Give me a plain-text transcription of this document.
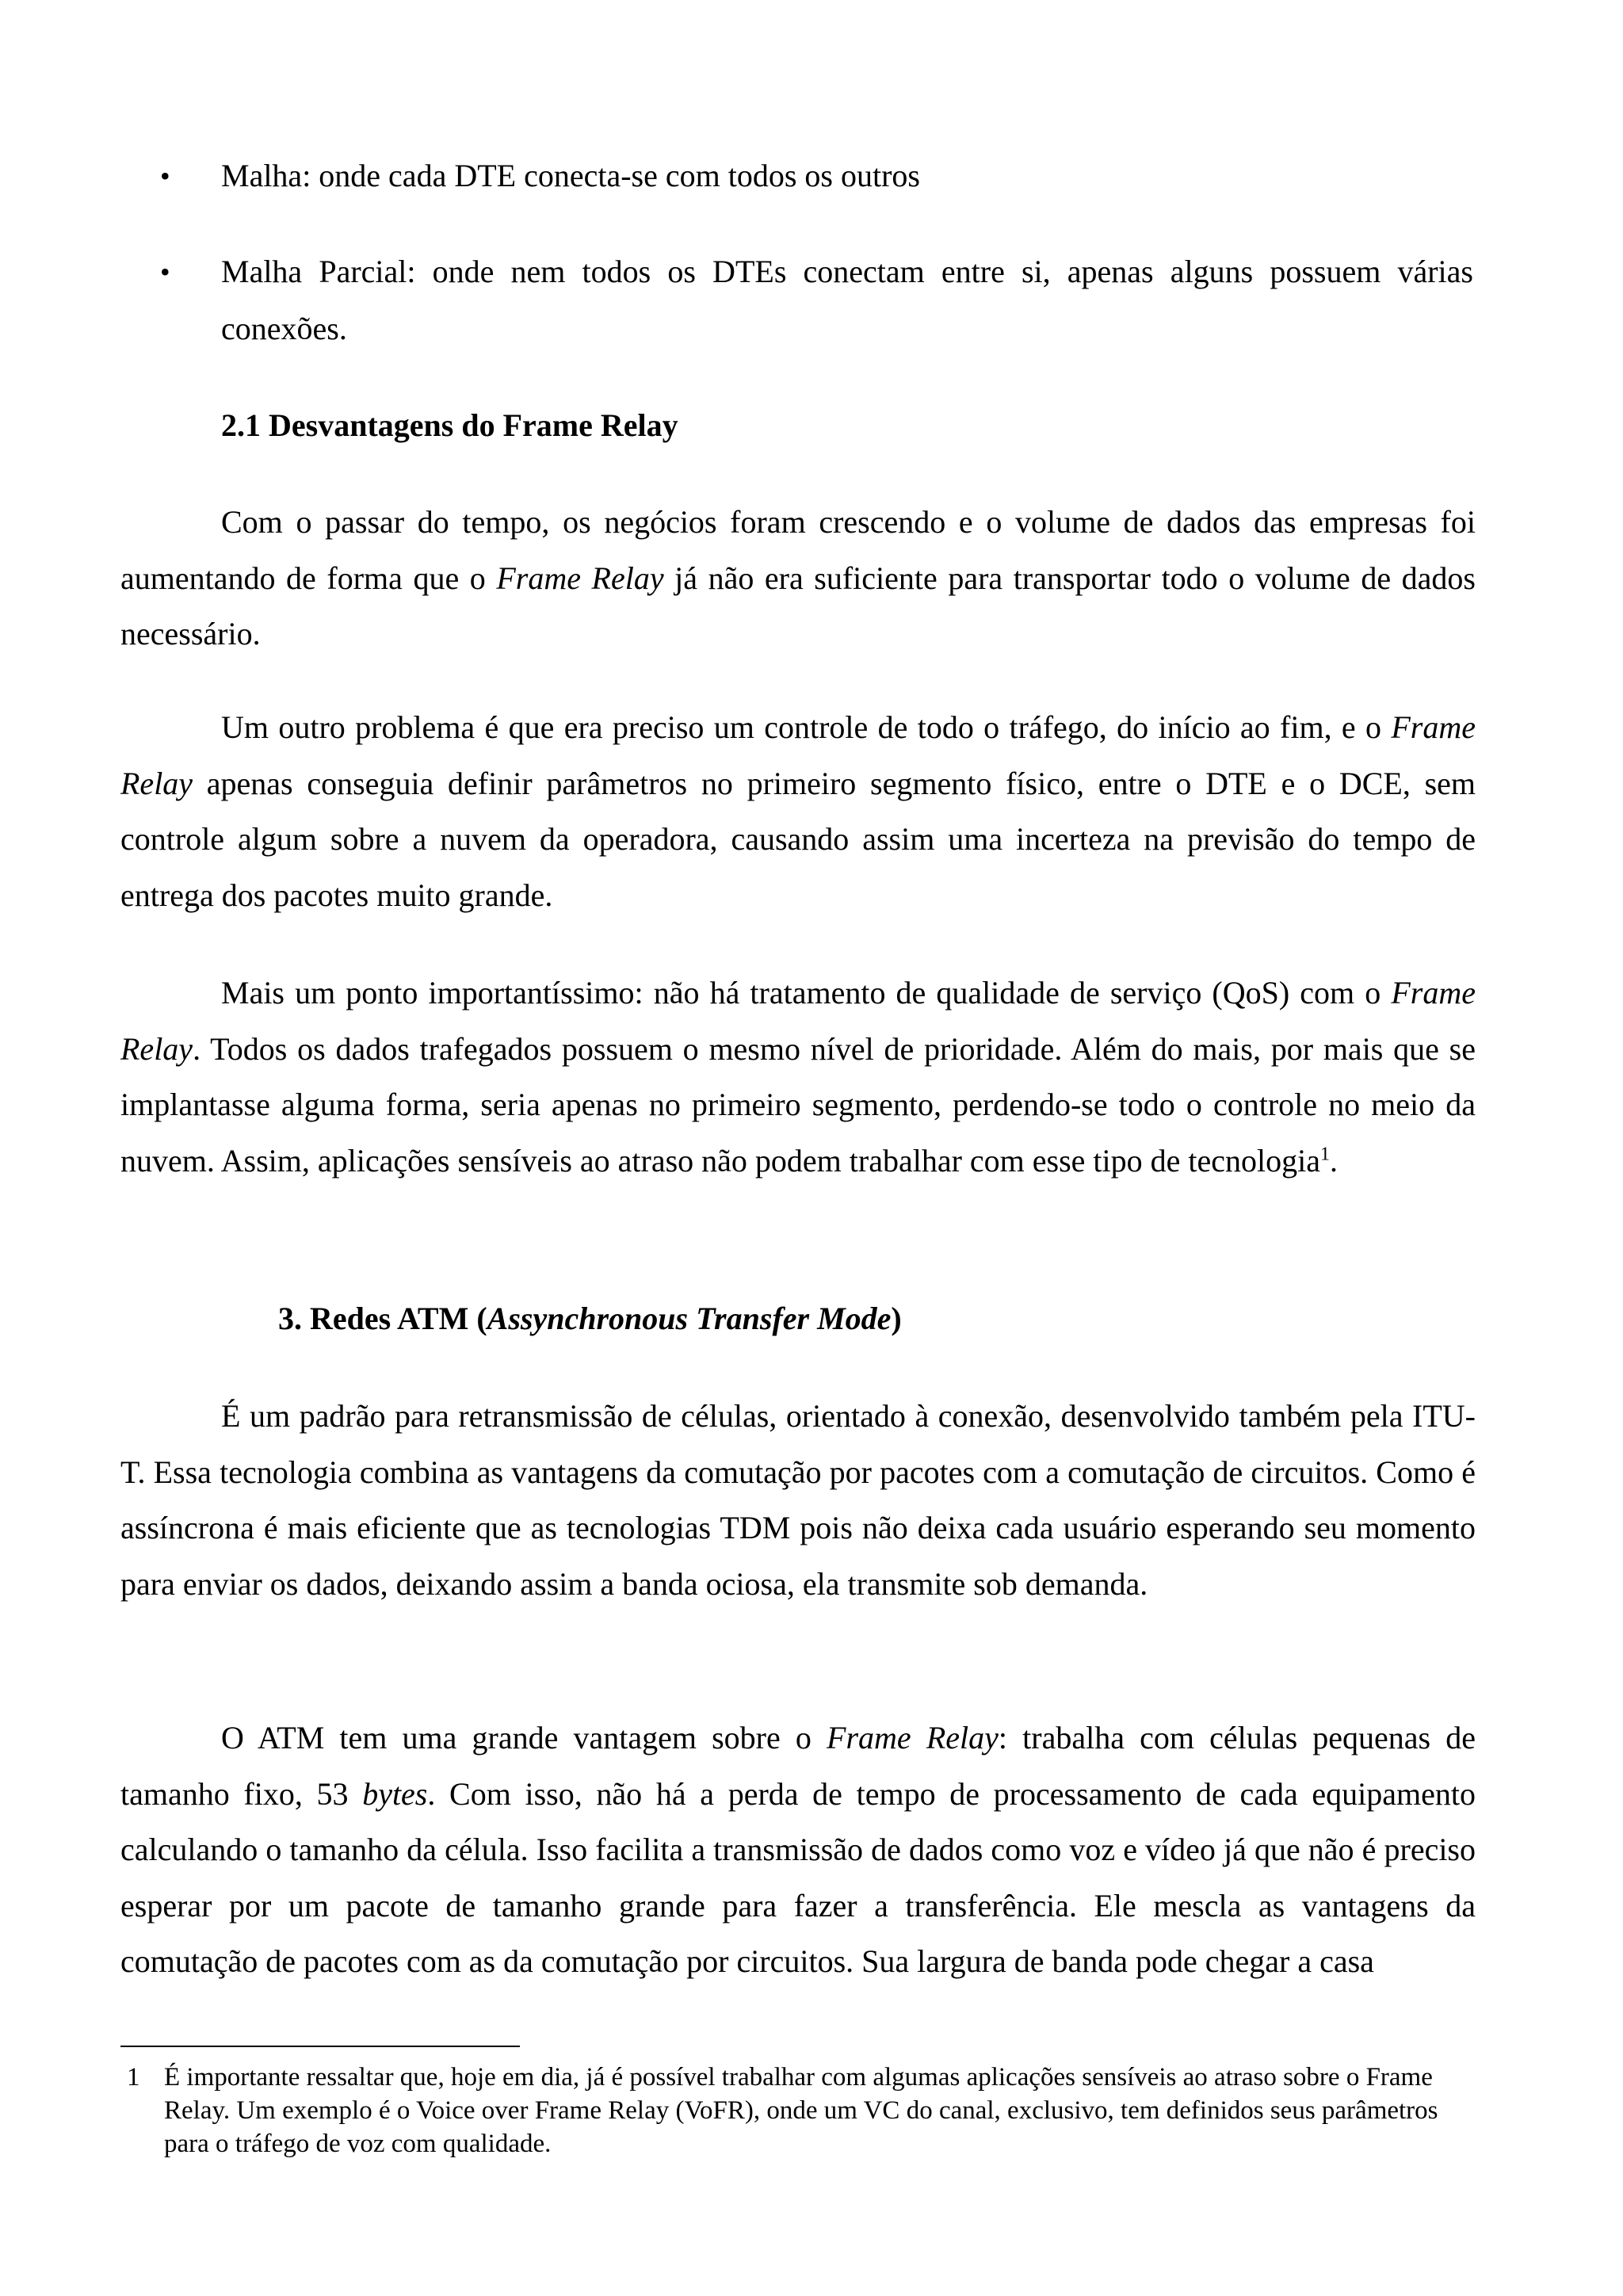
• Malha: onde cada DTE conecta-se com todos os outros
• Malha Parcial: onde nem todos os DTEs conectam entre si, apenas alguns possuem várias conexões.
2.1 Desvantagens do Frame Relay

Com o passar do tempo, os negócios foram crescendo e o volume de dados das empresas foi aumentando de forma que o Frame Relay já não era suficiente para transportar todo o volume de dados necessário.

Um outro problema é que era preciso um controle de todo o tráfego, do início ao fim, e o Frame Relay apenas conseguia definir parâmetros no primeiro segmento físico, entre o DTE e o DCE, sem controle algum sobre a nuvem da operadora, causando assim uma incerteza na previsão do tempo de entrega dos pacotes muito grande.

Mais um ponto importantíssimo: não há tratamento de qualidade de serviço (QoS) com o Frame Relay. Todos os dados trafegados possuem o mesmo nível de prioridade. Além do mais, por mais que se implantasse alguma forma, seria apenas no primeiro segmento, perdendo-se todo o controle no meio da nuvem. Assim, aplicações sensíveis ao atraso não podem trabalhar com esse tipo de tecnologia$^1$.

3. Redes ATM (Assynchronous Transfer Mode)

É um padrão para retransmissão de células, orientado à conexão, desenvolvido também pela ITU-T. Essa tecnologia combina as vantagens da comutação por pacotes com a comutação de circuitos. Como é assíncrona é mais eficiente que as tecnologias TDM pois não deixa cada usuário esperando seu momento para enviar os dados, deixando assim a banda ociosa, ela transmite sob demanda.

O ATM tem uma grande vantagem sobre o Frame Relay: trabalha com células pequenas de tamanho fixo, 53 bytes. Com isso, não há a perda de tempo de processamento de cada equipamento calculando o tamanho da célula. Isso facilita a transmissão de dados como voz e vídeo já que não é preciso esperar por um pacote de tamanho grande para fazer a transferência. Ele mescla as vantagens da comutação de pacotes com as da comutação por circuitos. Sua largura de banda pode chegar a casa

1 É importante ressaltar que, hoje em dia, já é possível trabalhar com algumas aplicações sensíveis ao atraso sobre o Frame Relay. Um exemplo é o Voice over Frame Relay (VoFR), onde um VC do canal, exclusivo, tem definidos seus parâmetros para o tráfego de voz com qualidade.
